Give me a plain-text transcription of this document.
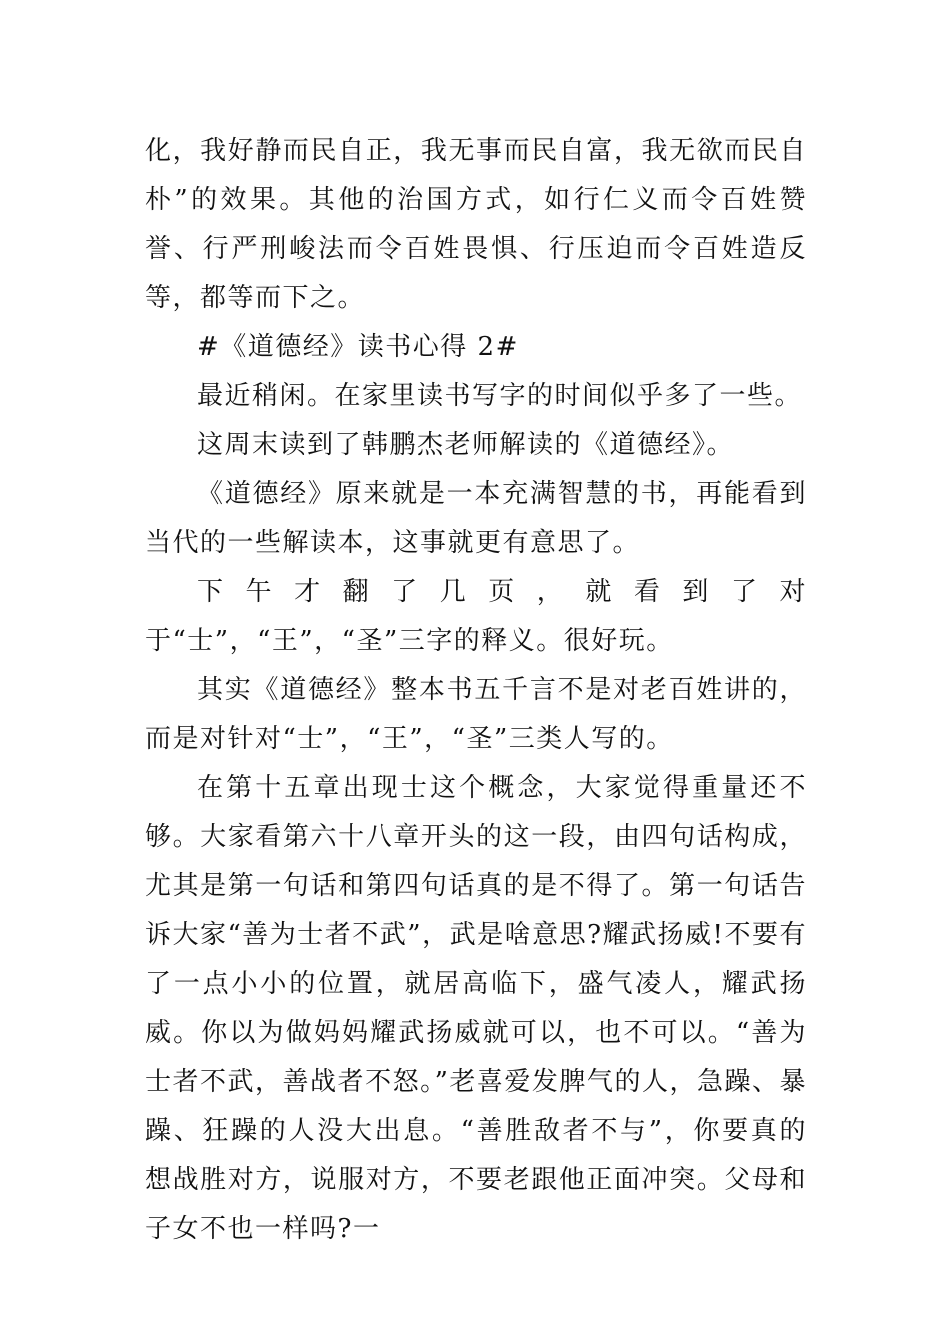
化，我好静而民自正，我无事而民自富，我无欲而民自朴”的效果。其他的治国方式，如行仁义而令百姓赞誉、行严刑峻法而令百姓畏惧、行压迫而令百姓造反等，都等而下之。

#《道德经》读书心得 2#

最近稍闲。在家里读书写字的时间似乎多了一些。

这周末读到了韩鹏杰老师解读的《道德经》。

《道德经》原来就是一本充满智慧的书，再能看到当代的一些解读本，这事就更有意思了。

下午才翻了几页，就看到了对于“士”，“王”，“圣”三字的释义。很好玩。

其实《道德经》整本书五千言不是对老百姓讲的，而是对针对“士”，“王”，“圣”三类人写的。

在第十五章出现士这个概念，大家觉得重量还不够。大家看第六十八章开头的这一段，由四句话构成，尤其是第一句话和第四句话真的是不得了。第一句话告诉大家“善为士者不武”，武是啥意思?耀武扬威!不要有了一点小小的位置，就居高临下，盛气凌人，耀武扬威。你以为做妈妈耀武扬威就可以，也不可以。“善为士者不武，善战者不怒。”老喜爱发脾气的人，急躁、暴躁、狂躁的人没大出息。“善胜敌者不与”，你要真的想战胜对方，说服对方，不要老跟他正面冲突。父母和子女不也一样吗?一
